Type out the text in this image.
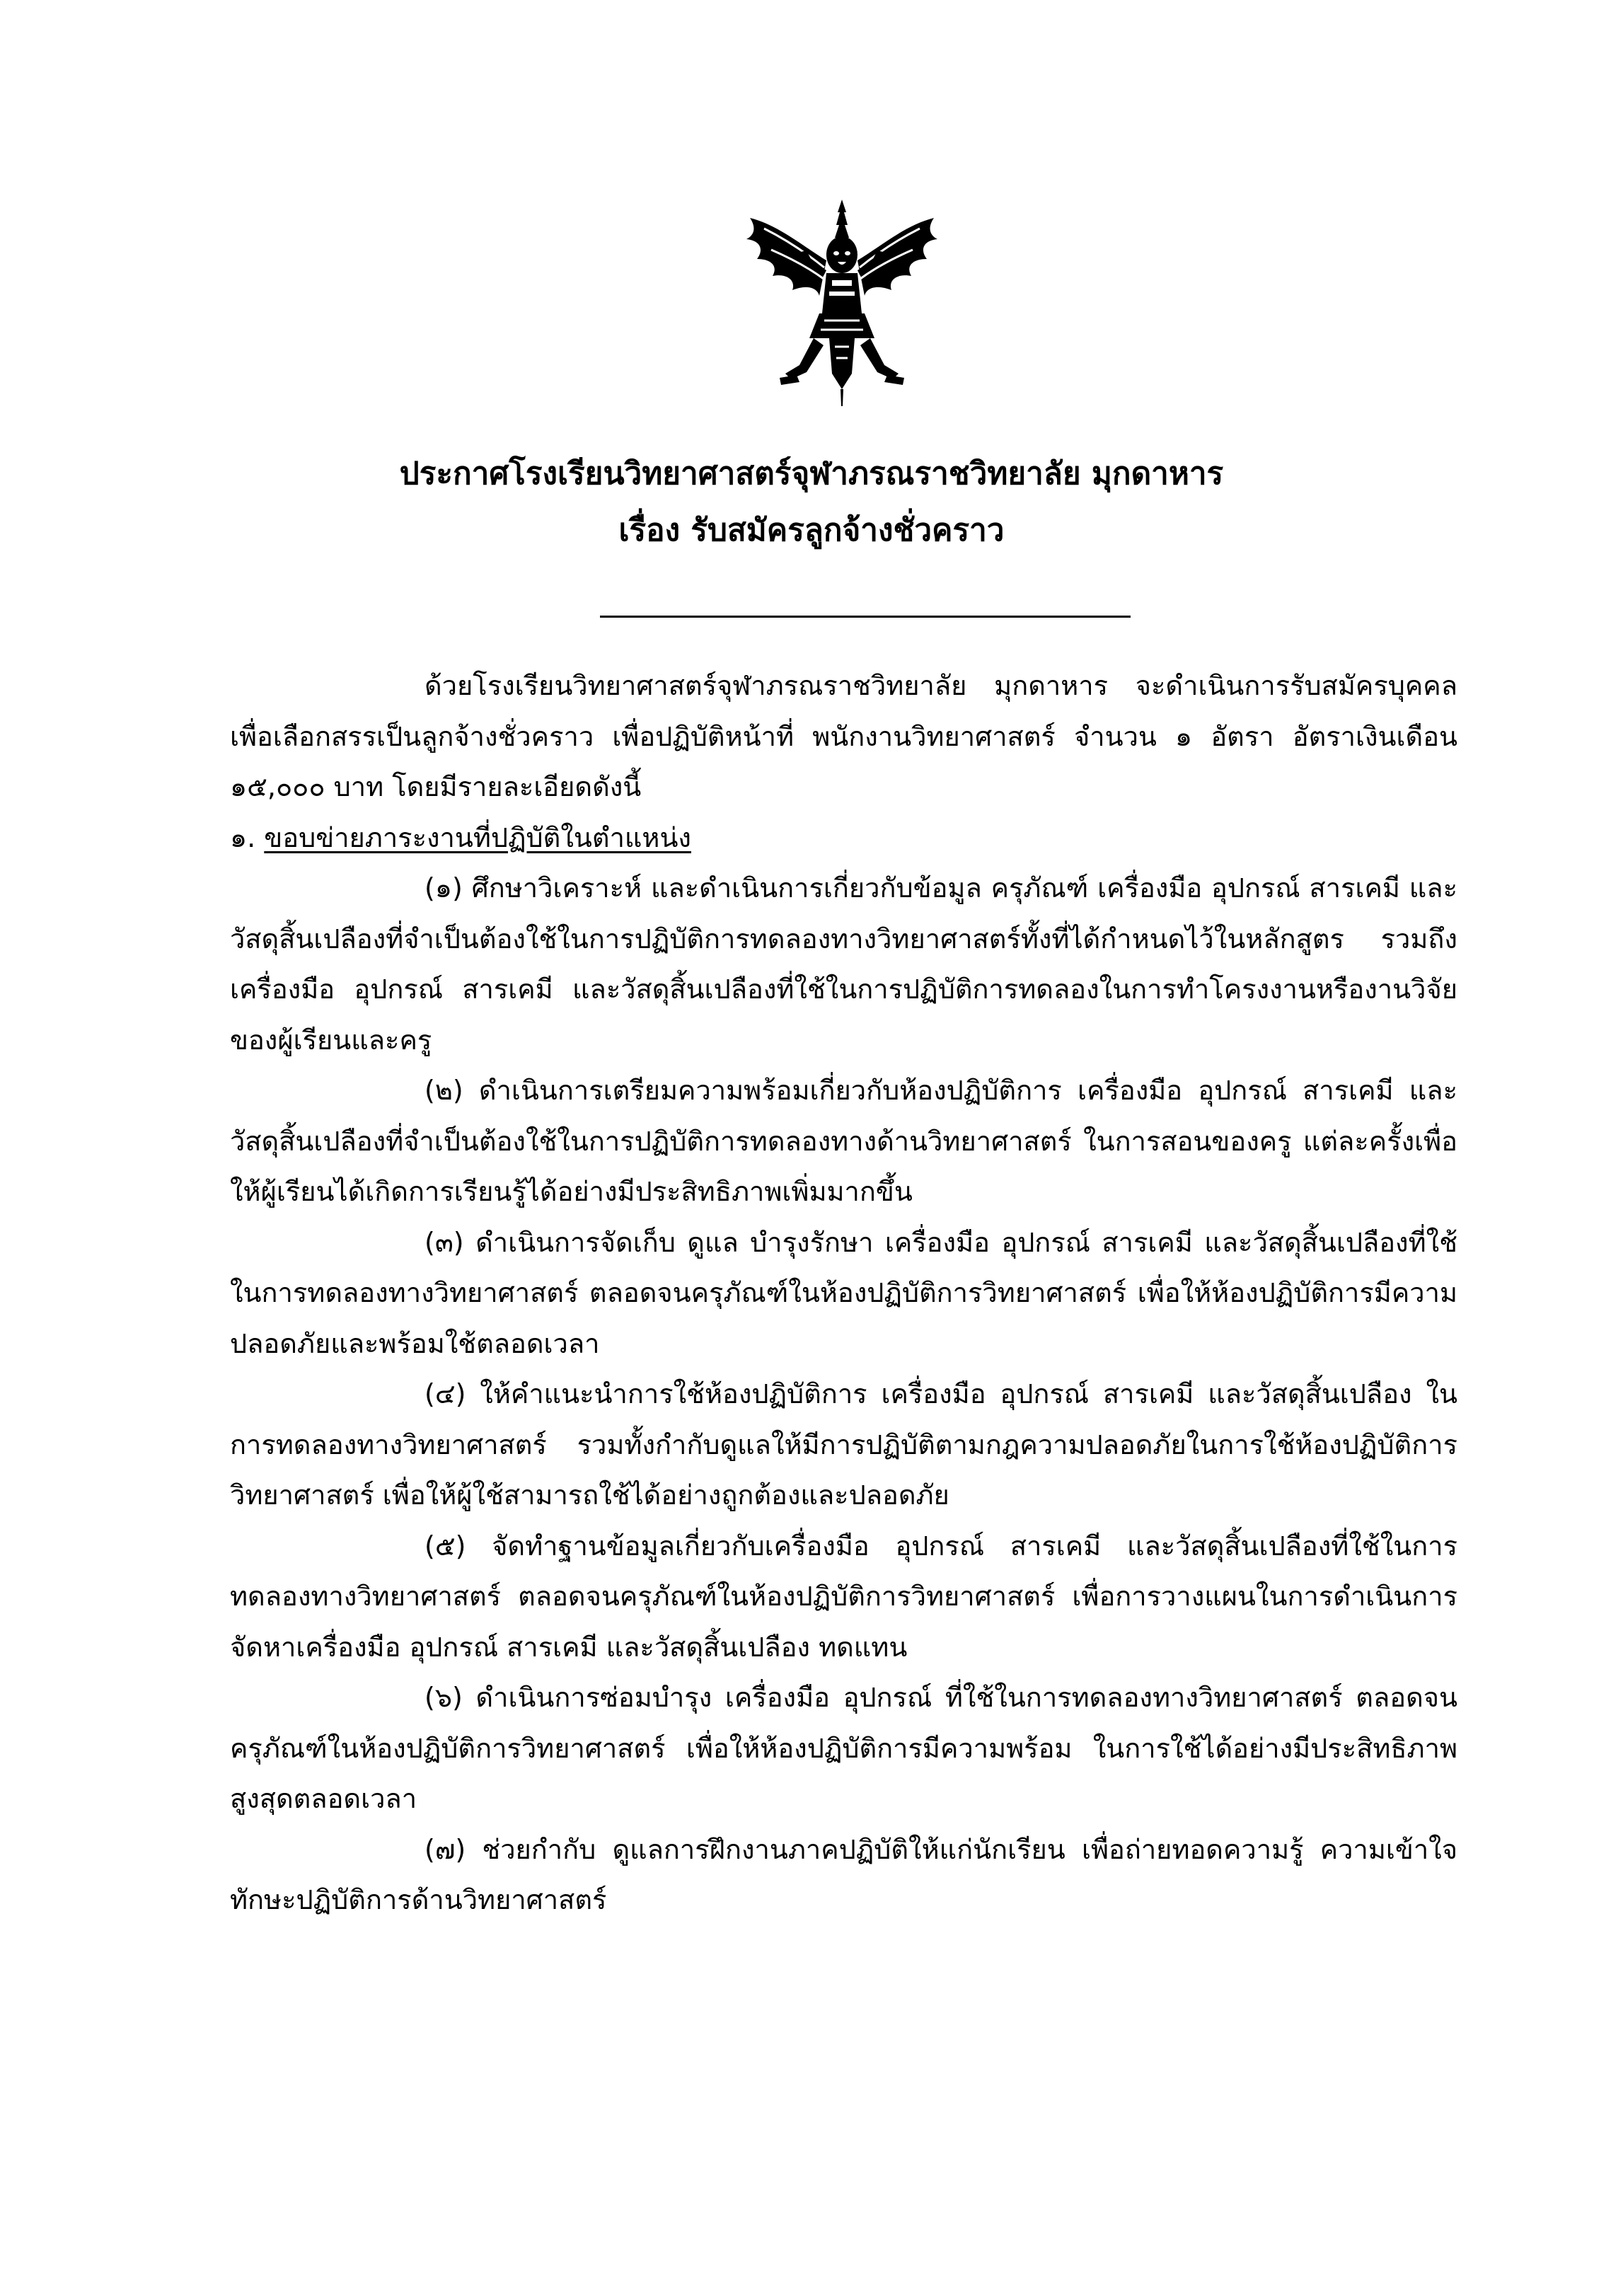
ประกาศโรงเรียนวิทยาศาสตร์จุฬาภรณราชวิทยาลัย มุกดาหาร
เรื่อง รับสมัครลูกจ้างชั่วคราว

ด้วยโรงเรียนวิทยาศาสตร์จุฬาภรณราชวิทยาลัย มุกดาหาร จะดำเนินการรับสมัครบุคคล เพื่อเลือกสรรเป็นลูกจ้างชั่วคราว เพื่อปฏิบัติหน้าที่ พนักงานวิทยาศาสตร์ จำนวน ๑ อัตรา อัตราเงินเดือน ๑๕,๐๐๐ บาท โดยมีรายละเอียดดังนี้

๑. ขอบข่ายภาระงานที่ปฏิบัติในตำแหน่ง

(๑) ศึกษาวิเคราะห์ และดำเนินการเกี่ยวกับข้อมูล ครุภัณฑ์ เครื่องมือ อุปกรณ์ สารเคมี และวัสดุสิ้นเปลืองที่จำเป็นต้องใช้ในการปฏิบัติการทดลองทางวิทยาศาสตร์ทั้งที่ได้กำหนดไว้ในหลักสูตร รวมถึงเครื่องมือ อุปกรณ์ สารเคมี และวัสดุสิ้นเปลืองที่ใช้ในการปฏิบัติการทดลองในการทำโครงงานหรืองานวิจัยของผู้เรียนและครู

(๒) ดำเนินการเตรียมความพร้อมเกี่ยวกับห้องปฏิบัติการ เครื่องมือ อุปกรณ์ สารเคมี และวัสดุสิ้นเปลืองที่จำเป็นต้องใช้ในการปฏิบัติการทดลองทางด้านวิทยาศาสตร์ ในการสอนของครู แต่ละครั้งเพื่อให้ผู้เรียนได้เกิดการเรียนรู้ได้อย่างมีประสิทธิภาพเพิ่มมากขึ้น

(๓) ดำเนินการจัดเก็บ ดูแล บำรุงรักษา เครื่องมือ อุปกรณ์ สารเคมี และวัสดุสิ้นเปลืองที่ใช้ในการทดลองทางวิทยาศาสตร์ ตลอดจนครุภัณฑ์ในห้องปฏิบัติการวิทยาศาสตร์ เพื่อให้ห้องปฏิบัติการมีความปลอดภัยและพร้อมใช้ตลอดเวลา

(๔) ให้คำแนะนำการใช้ห้องปฏิบัติการ เครื่องมือ อุปกรณ์ สารเคมี และวัสดุสิ้นเปลือง ในการทดลองทางวิทยาศาสตร์ รวมทั้งกำกับดูแลให้มีการปฏิบัติตามกฎความปลอดภัยในการใช้ห้องปฏิบัติการวิทยาศาสตร์ เพื่อให้ผู้ใช้สามารถใช้ได้อย่างถูกต้องและปลอดภัย

(๕) จัดทำฐานข้อมูลเกี่ยวกับเครื่องมือ อุปกรณ์ สารเคมี และวัสดุสิ้นเปลืองที่ใช้ในการทดลองทางวิทยาศาสตร์ ตลอดจนครุภัณฑ์ในห้องปฏิบัติการวิทยาศาสตร์ เพื่อการวางแผนในการดำเนินการจัดหาเครื่องมือ อุปกรณ์ สารเคมี และวัสดุสิ้นเปลือง ทดแทน

(๖) ดำเนินการซ่อมบำรุง เครื่องมือ อุปกรณ์ ที่ใช้ในการทดลองทางวิทยาศาสตร์ ตลอดจนครุภัณฑ์ในห้องปฏิบัติการวิทยาศาสตร์ เพื่อให้ห้องปฏิบัติการมีความพร้อม ในการใช้ได้อย่างมีประสิทธิภาพสูงสุดตลอดเวลา

(๗) ช่วยกำกับ ดูแลการฝึกงานภาคปฏิบัติให้แก่นักเรียน เพื่อถ่ายทอดความรู้ ความเข้าใจทักษะปฏิบัติการด้านวิทยาศาสตร์
